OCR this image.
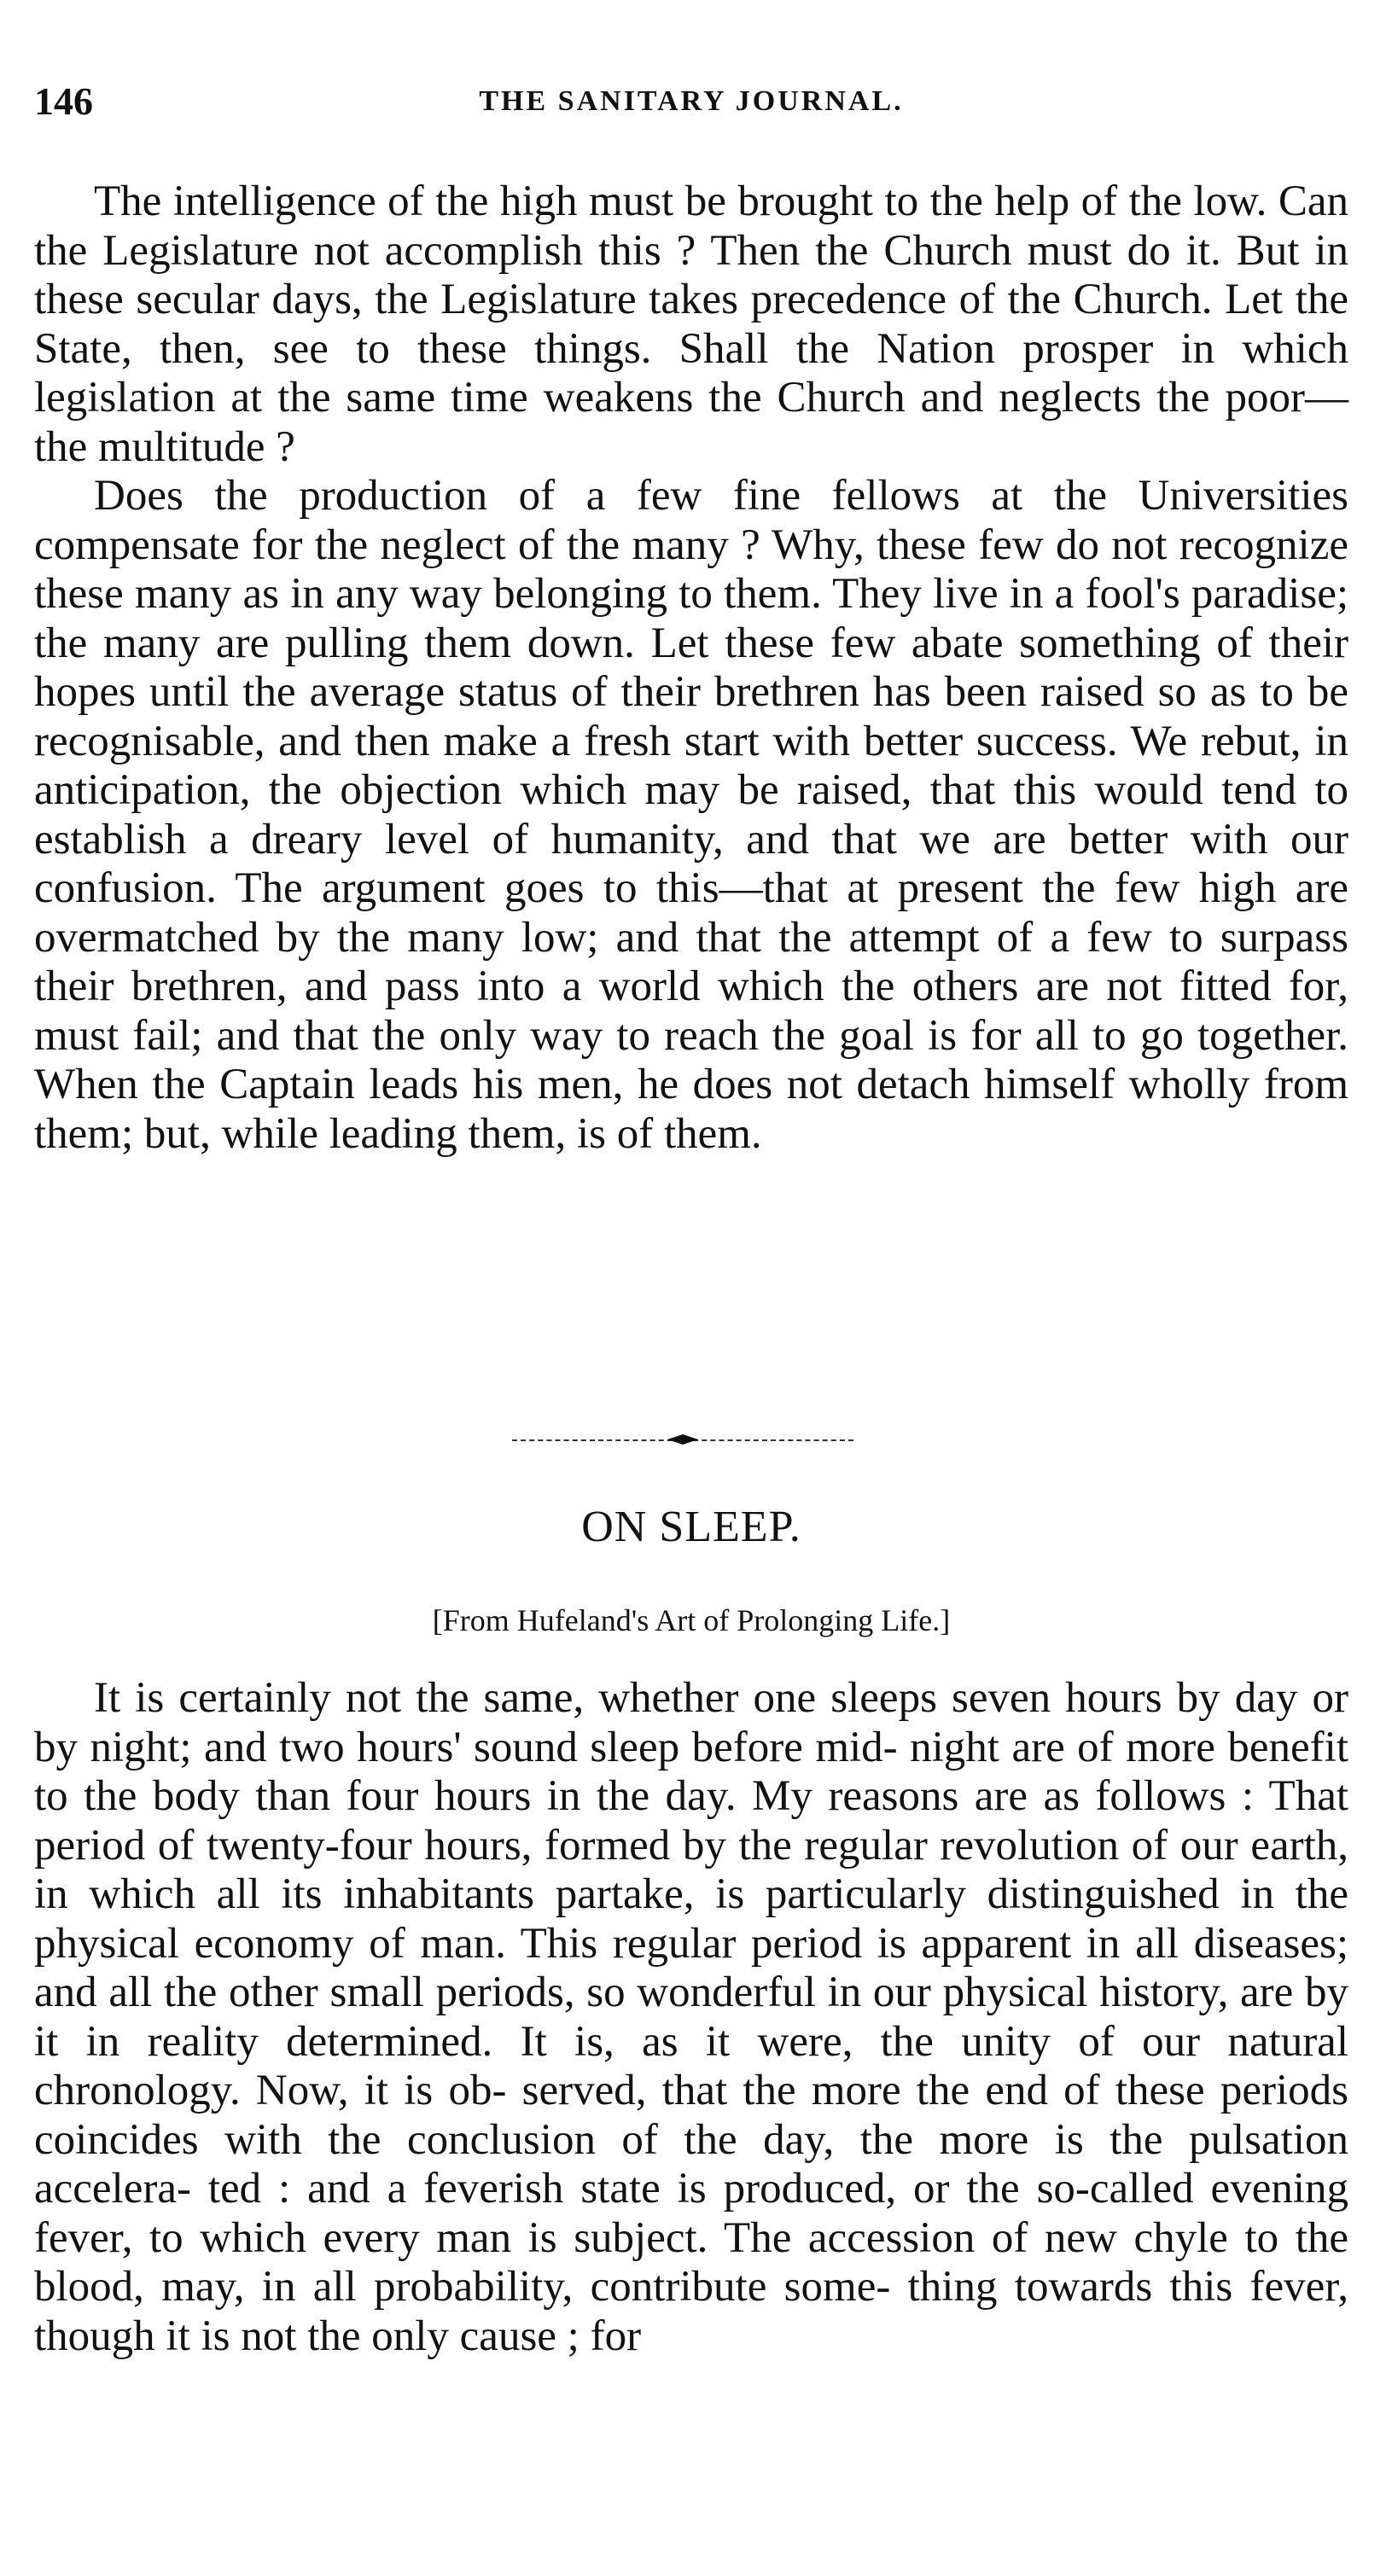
146	THE SANITARY JOURNAL.

The intelligence of the high must be brought to the help of the low. Can the Legislature not accomplish this ? Then the Church must do it. But in these secular days, the Legislature takes precedence of the Church. Let the State, then, see to these things. Shall the Nation prosper in which legislation at the same time weakens the Church and neglects the poor— the multitude ?

Does the production of a few fine fellows at the Universities compensate for the neglect of the many ? Why, these few do not recognize these many as in any way belonging to them. They live in a fool's paradise; the many are pulling them down. Let these few abate something of their hopes until the average status of their brethren has been raised so as to be recognisable, and then make a fresh start with better success. We rebut, in anticipation, the objection which may be raised, that this would tend to establish a dreary level of humanity, and that we are better with our confusion. The argument goes to this—that at present the few high are overmatched by the many low; and that the attempt of a few to surpass their brethren, and pass into a world which the others are not fitted for, must fail; and that the only way to reach the goal is for all to go together. When the Captain leads his men, he does not detach himself wholly from them; but, while leading them, is of them.

ON SLEEP.
[From Hufeland's Art of Prolonging Life.]

It is certainly not the same, whether one sleeps seven hours by day or by night; and two hours' sound sleep before mid- night are of more benefit to the body than four hours in the day. My reasons are as follows : That period of twenty-four hours, formed by the regular revolution of our earth, in which all its inhabitants partake, is particularly distinguished in the physical economy of man. This regular period is apparent in all diseases; and all the other small periods, so wonderful in our physical history, are by it in reality determined. It is, as it were, the unity of our natural chronology. Now, it is ob- served, that the more the end of these periods coincides with the conclusion of the day, the more is the pulsation accelera- ted : and a feverish state is produced, or the so-called evening fever, to which every man is subject. The accession of new chyle to the blood, may, in all probability, contribute some- thing towards this fever, though it is not the only cause ; for
